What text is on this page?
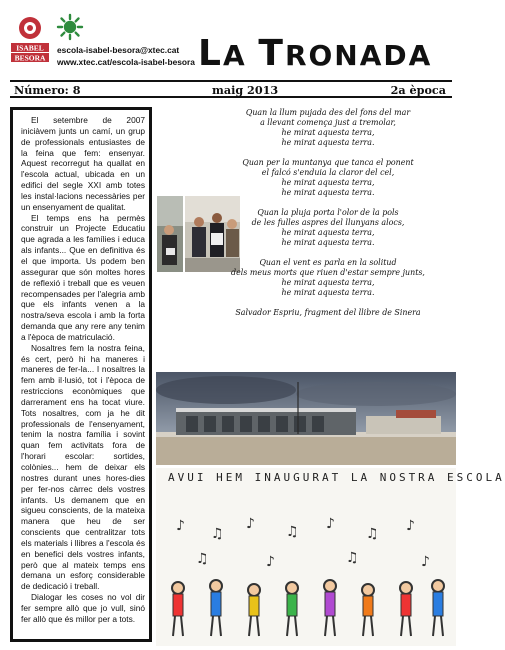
ISABEL
BESORA
escola-isabel-besora@xtec.cat
www.xtec.cat/escola-isabel-besora LA TRONADA
Número: 8	maig 2013	2a època

El setembre de 2007 iniciàvem junts un camí, un grup de professionals entusiastes de la feina que fem: ensenyar. Aquest recorregut ha quallat en l'escola actual, ubicada en un edifici del segle XXI amb totes les instal·lacions necessàries per un ensenyament de qualitat.

El temps ens ha permès construir un Projecte Educatiu que agrada a les famílies i educa als infants... Que en definitiva és el que importa. Us podem ben assegurar que són moltes hores de reflexió i treball que es veuen recompensades per l'alegria amb que els infants venen a la nostra/seva escola i amb la forta demanda que any rere any tenim a l'època de matriculació.

Nosaltres fem la nostra feina, és cert, però hi ha maneres i maneres de fer-la... I nosaltres la fem amb il·lusió, tot i l'època de restriccions econòmiques que darrerament ens ha tocat viure. Tots nosaltres, com ja he dit professionals de l'ensenyament, tenim la nostra família i sovint quan fem activitats fora de l'horari escolar: sortides, colònies... hem de deixar els nostres durant unes hores-dies per fer-nos càrrec dels vostres infants. Us demanem que en sigueu conscients, de la mateixa manera que heu de ser conscients que centralitzar tots els materials i llibres a l'escola és en benefici dels vostres infants, però que al mateix temps ens demana un esforç considerable de dedicació i treball.

Dialogar les coses no vol dir fer sempre allò que jo vull, sinó fer allò que és millor per a tots.

Quan la llum pujada des del fons del mar
a llevant comença just a tremolar,
he mirat aquesta terra,
he mirat aquesta terra.
Quan per la muntanya que tanca el ponent
el falcó s'enduia la claror del cel,
he mirat aquesta terra,
he mirat aquesta terra.
Quan la pluja porta l'olor de la pols
de les fulles aspres del llunyans alocs,
he mirat aquesta terra,
he mirat aquesta terra.
Quan el vent es parla en la solitud
dels meus morts que riuen d'estar sempre junts,
he mirat aquesta terra,
he mirat aquesta terra.
Salvador Espriu, fragment del llibre de Sinera
♪ ♫
♪ ♫ ♪
♫ ♪
♫	♪	♫	♪
AVUI HEM INAUGURAT LA NOSTRA ESCOLA
